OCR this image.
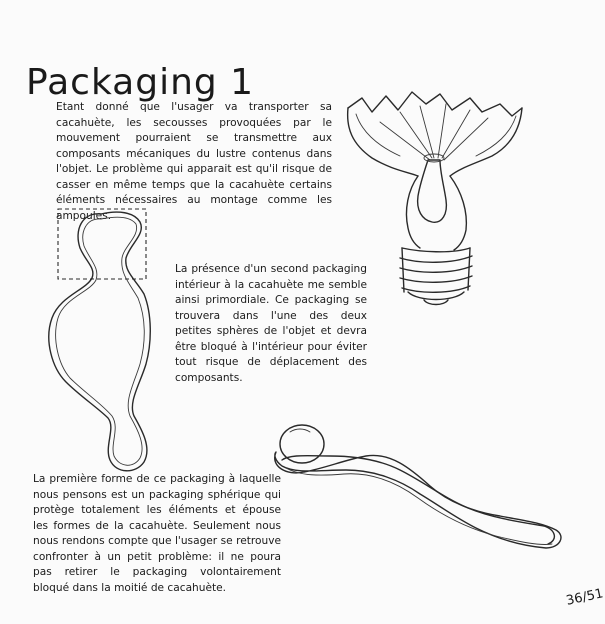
Packaging 1

Etant donné que l'usager va transporter sa cacahuète, les secousses provoquées par le mouvement pourraient se transmettre aux composants mécaniques du lustre contenus dans l'objet. Le problème qui apparait est qu'il risque de casser en même temps que la cacahuète certains éléments nécessaires au montage comme les ampoules.

La présence d'un second packaging intérieur à la cacahuète me semble ainsi primordiale. Ce packaging se trouvera dans l'une des deux petites sphères de l'objet et devra être bloqué à l'intérieur pour éviter tout risque de déplacement des composants.

La première forme de ce packaging à laquelle nous pensons est un packaging sphérique qui protège totalement les éléments et épouse les formes de la cacahuète. Seulement nous nous rendons compte que l'usager se retrouve confronter à un petit problème: il ne poura pas retirer le packaging volontairement bloqué dans la moitié de cacahuète.	36/51
